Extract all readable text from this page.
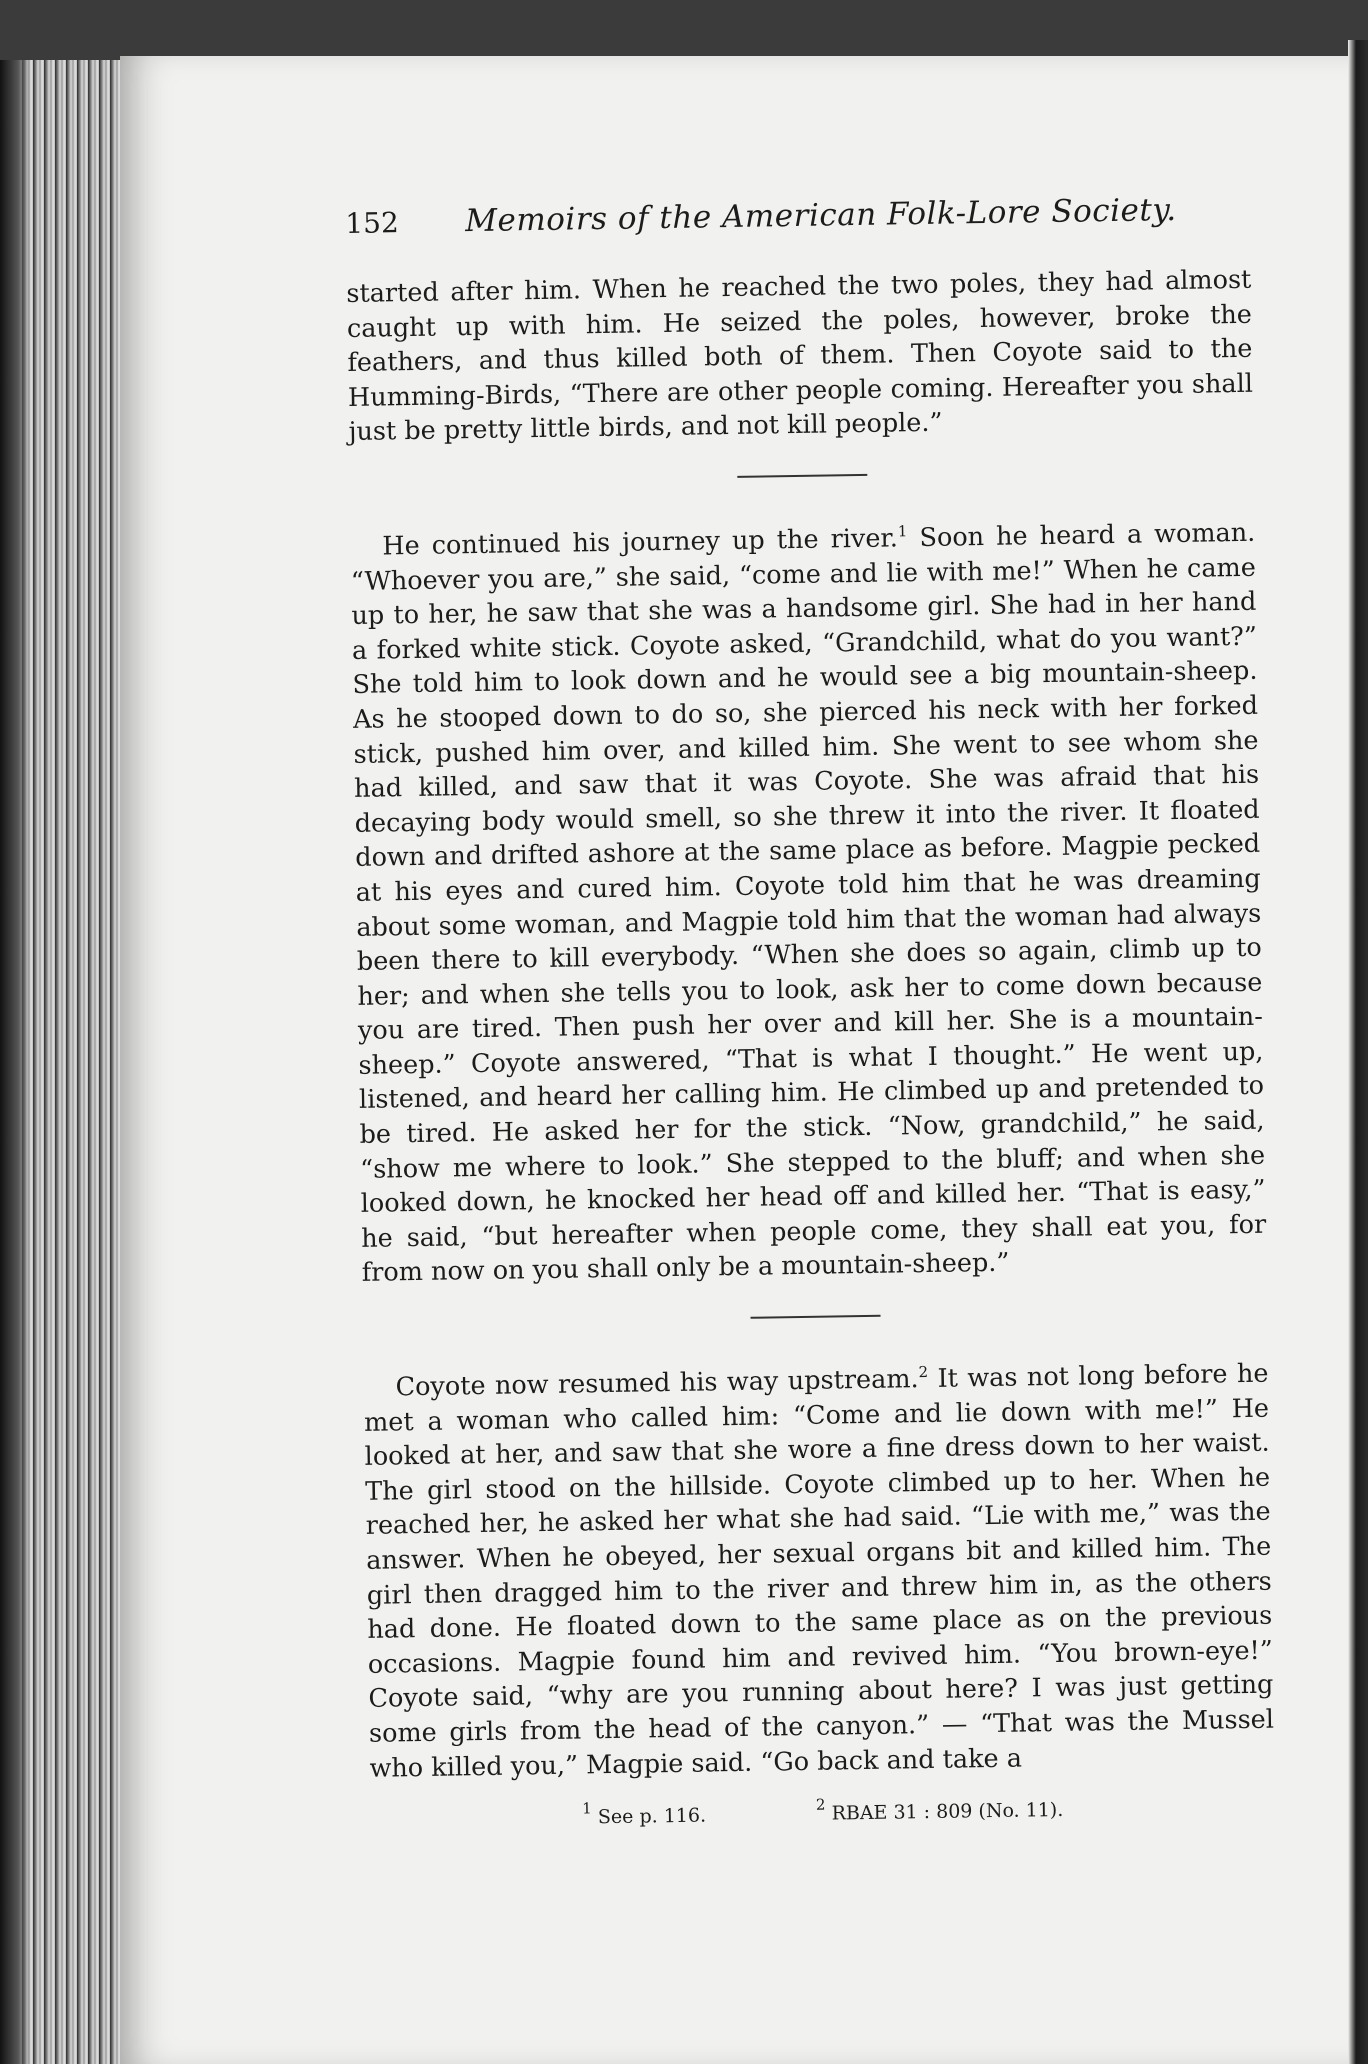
152	Memoirs of the American Folk-Lore Society.

started after him. When he reached the two poles, they had almost caught up with him. He seized the poles, however, broke the feathers, and thus killed both of them. Then Coyote said to the Humming-Birds, “There are other people coming. Hereafter you shall just be pretty little birds, and not kill people.”

He continued his journey up the river.$^1$ Soon he heard a woman. “Whoever you are,” she said, “come and lie with me!” When he came up to her, he saw that she was a handsome girl. She had in her hand a forked white stick. Coyote asked, “Grandchild, what do you want?” She told him to look down and he would see a big mountain-sheep. As he stooped down to do so, she pierced his neck with her forked stick, pushed him over, and killed him. She went to see whom she had killed, and saw that it was Coyote. She was afraid that his decaying body would smell, so she threw it into the river. It floated down and drifted ashore at the same place as before. Magpie pecked at his eyes and cured him. Coyote told him that he was dreaming about some woman, and Magpie told him that the woman had always been there to kill everybody. “When she does so again, climb up to her; and when she tells you to look, ask her to come down because you are tired. Then push her over and kill her. She is a mountain-sheep.” Coyote answered, “That is what I thought.” He went up, listened, and heard her calling him. He climbed up and pretended to be tired. He asked her for the stick. “Now, grandchild,” he said, “show me where to look.” She stepped to the bluff; and when she looked down, he knocked her head off and killed her. “That is easy,” he said, “but hereafter when people come, they shall eat you, for from now on you shall only be a mountain-sheep.”

Coyote now resumed his way upstream.$^2$ It was not long before he met a woman who called him: “Come and lie down with me!” He looked at her, and saw that she wore a fine dress down to her waist. The girl stood on the hillside. Coyote climbed up to her. When he reached her, he asked her what she had said. “Lie with me,” was the answer. When he obeyed, her sexual organs bit and killed him. The girl then dragged him to the river and threw him in, as the others had done. He floated down to the same place as on the previous occasions. Magpie found him and revived him. “You brown-eye!” Coyote said, “why are you running about here? I was just getting some girls from the head of the canyon.” — “That was the Mussel who killed you,” Magpie said. “Go back and take a

$^1$ See p. 116.	$^2$ RBAE 31 : 809 (No. 11).
